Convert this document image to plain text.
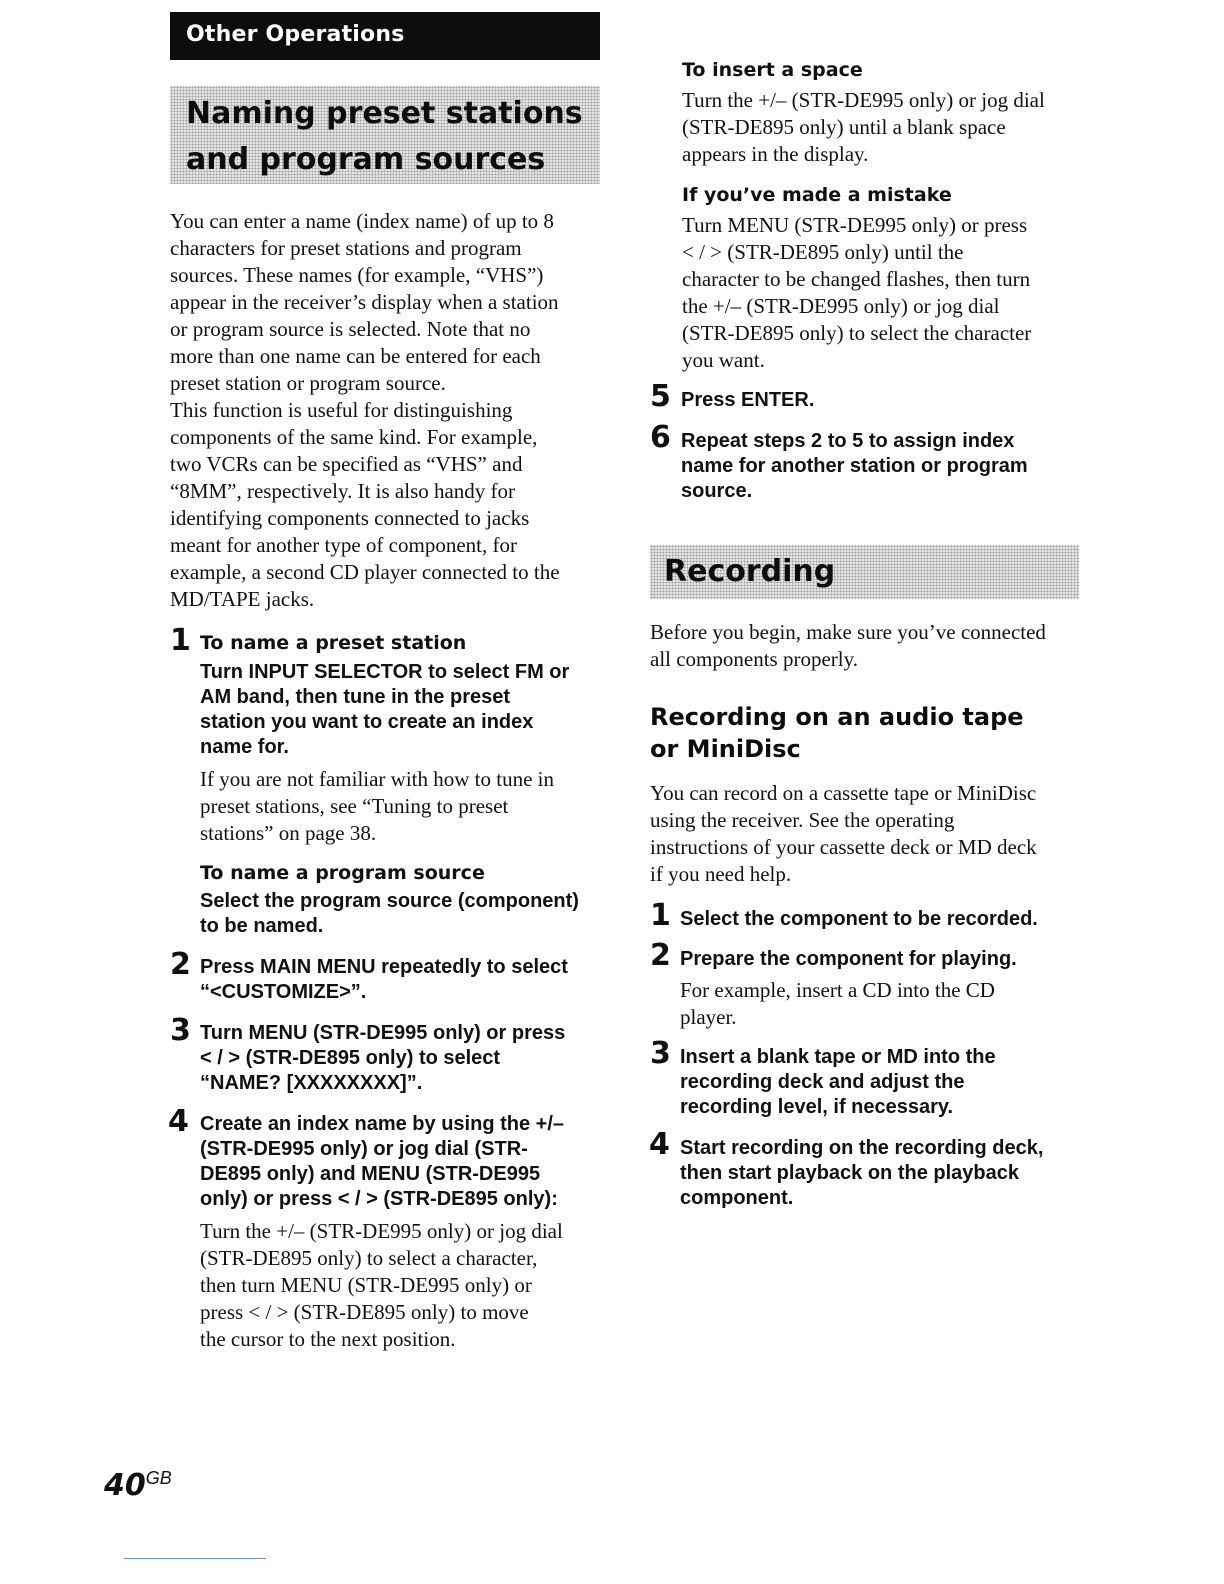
Other Operations
Naming preset stations
and program sources
You can enter a name (index name) of up to 8
characters for preset stations and program
sources. These names (for example, “VHS”)
appear in the receiver’s display when a station
or program source is selected. Note that no
more than one name can be entered for each
preset station or program source.
This function is useful for distinguishing
components of the same kind. For example,
two VCRs can be specified as “VHS” and
“8MM”, respectively. It is also handy for
identifying components connected to jacks
meant for another type of component, for
example, a second CD player connected to the
MD/TAPE jacks.
1 To name a preset station
Turn INPUT SELECTOR to select FM or
AM band, then tune in the preset
station you want to create an index
name for.
If you are not familiar with how to tune in
preset stations, see “Tuning to preset
stations” on page 38.
To name a program source
Select the program source (component)
to be named.
2 Press MAIN MENU repeatedly to select
“<CUSTOMIZE>”.
3 Turn MENU (STR-DE995 only) or press
< / > (STR-DE895 only) to select
“NAME? [XXXXXXXX]”.
4 Create an index name by using the +/–
(STR-DE995 only) or jog dial (STR-
DE895 only) and MENU (STR-DE995
only) or press < / > (STR-DE895 only):
Turn the +/– (STR-DE995 only) or jog dial
(STR-DE895 only) to select a character,
then turn MENU (STR-DE995 only) or
press < / > (STR-DE895 only) to move
the cursor to the next position.
To insert a space
Turn the +/– (STR-DE995 only) or jog dial
(STR-DE895 only) until a blank space
appears in the display.
If you’ve made a mistake
Turn MENU (STR-DE995 only) or press
< / > (STR-DE895 only) until the
character to be changed flashes, then turn
the +/– (STR-DE995 only) or jog dial
(STR-DE895 only) to select the character
you want.
5 Press ENTER.
6 Repeat steps 2 to 5 to assign index
name for another station or program
source.
Recording
Before you begin, make sure you’ve connected
all components properly.
Recording on an audio tape
or MiniDisc
You can record on a cassette tape or MiniDisc
using the receiver. See the operating
instructions of your cassette deck or MD deck
if you need help.
1 Select the component to be recorded.
2 Prepare the component for playing.
For example, insert a CD into the CD
player.
3 Insert a blank tape or MD into the
recording deck and adjust the
recording level, if necessary.
4 Start recording on the recording deck,
then start playback on the playback
component.
$40^{GB}$
